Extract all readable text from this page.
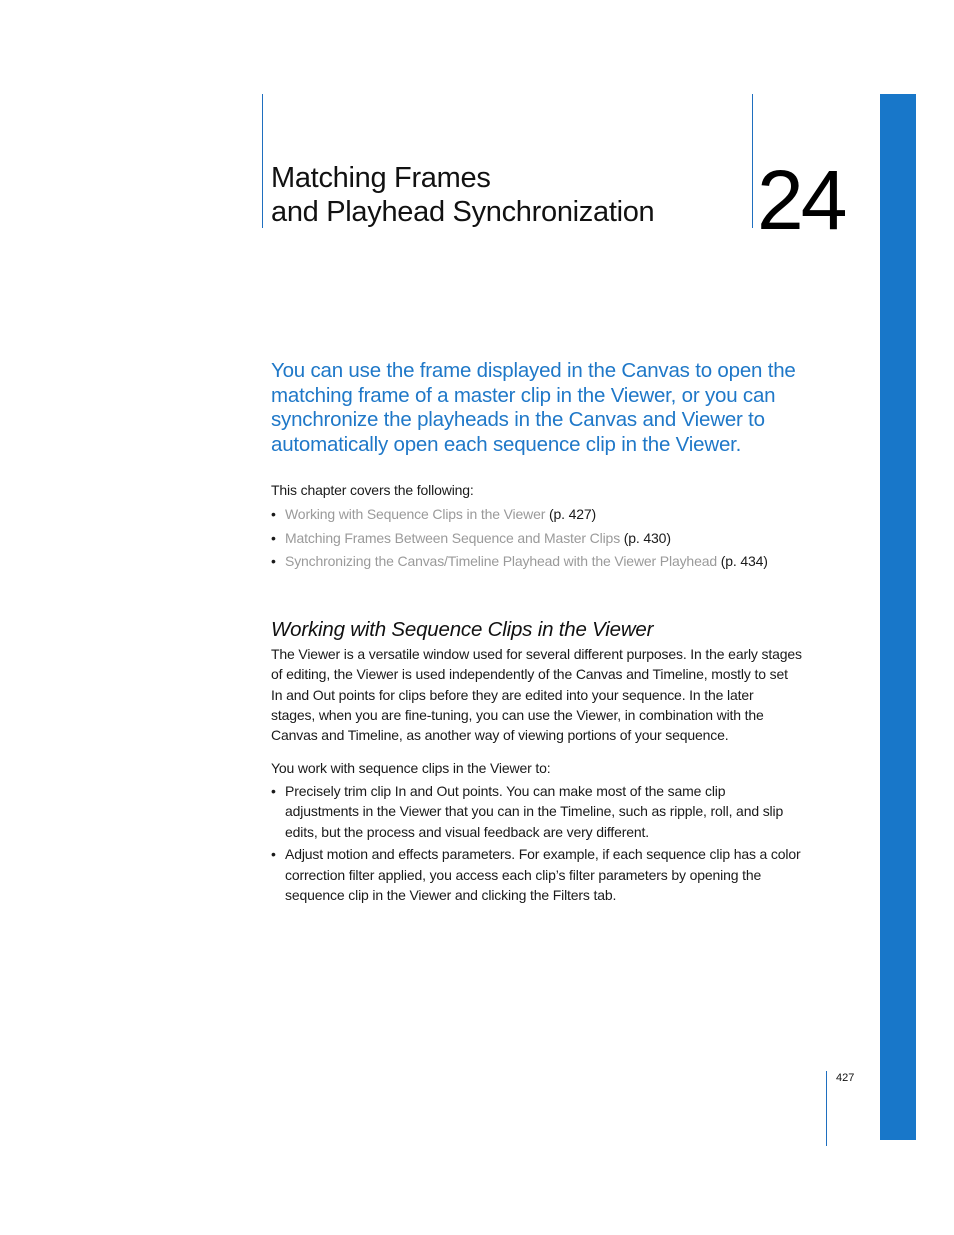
Matching Frames
and Playhead Synchronization 24

You can use the frame displayed in the Canvas to open the matching frame of a master clip in the Viewer, or you can synchronize the playheads in the Canvas and Viewer to automatically open each sequence clip in the Viewer.

This chapter covers the following:

• Working with Sequence Clips in the Viewer (p. 427)
• Matching Frames Between Sequence and Master Clips (p. 430)
• Synchronizing the Canvas/Timeline Playhead with the Viewer Playhead (p. 434)
Working with Sequence Clips in the Viewer

The Viewer is a versatile window used for several different purposes. In the early stages
of editing, the Viewer is used independently of the Canvas and Timeline, mostly to set
In and Out points for clips before they are edited into your sequence. In the later
stages, when you are fine-tuning, you can use the Viewer, in combination with the
Canvas and Timeline, as another way of viewing portions of your sequence.

You work with sequence clips in the Viewer to:

• Precisely trim clip In and Out points. You can make most of the same clip
adjustments in the Viewer that you can in the Timeline, such as ripple, roll, and slip
edits, but the process and visual feedback are very different.
• Adjust motion and effects parameters. For example, if each sequence clip has a color
correction filter applied, you access each clip’s filter parameters by opening the
sequence clip in the Viewer and clicking the Filters tab.
427
